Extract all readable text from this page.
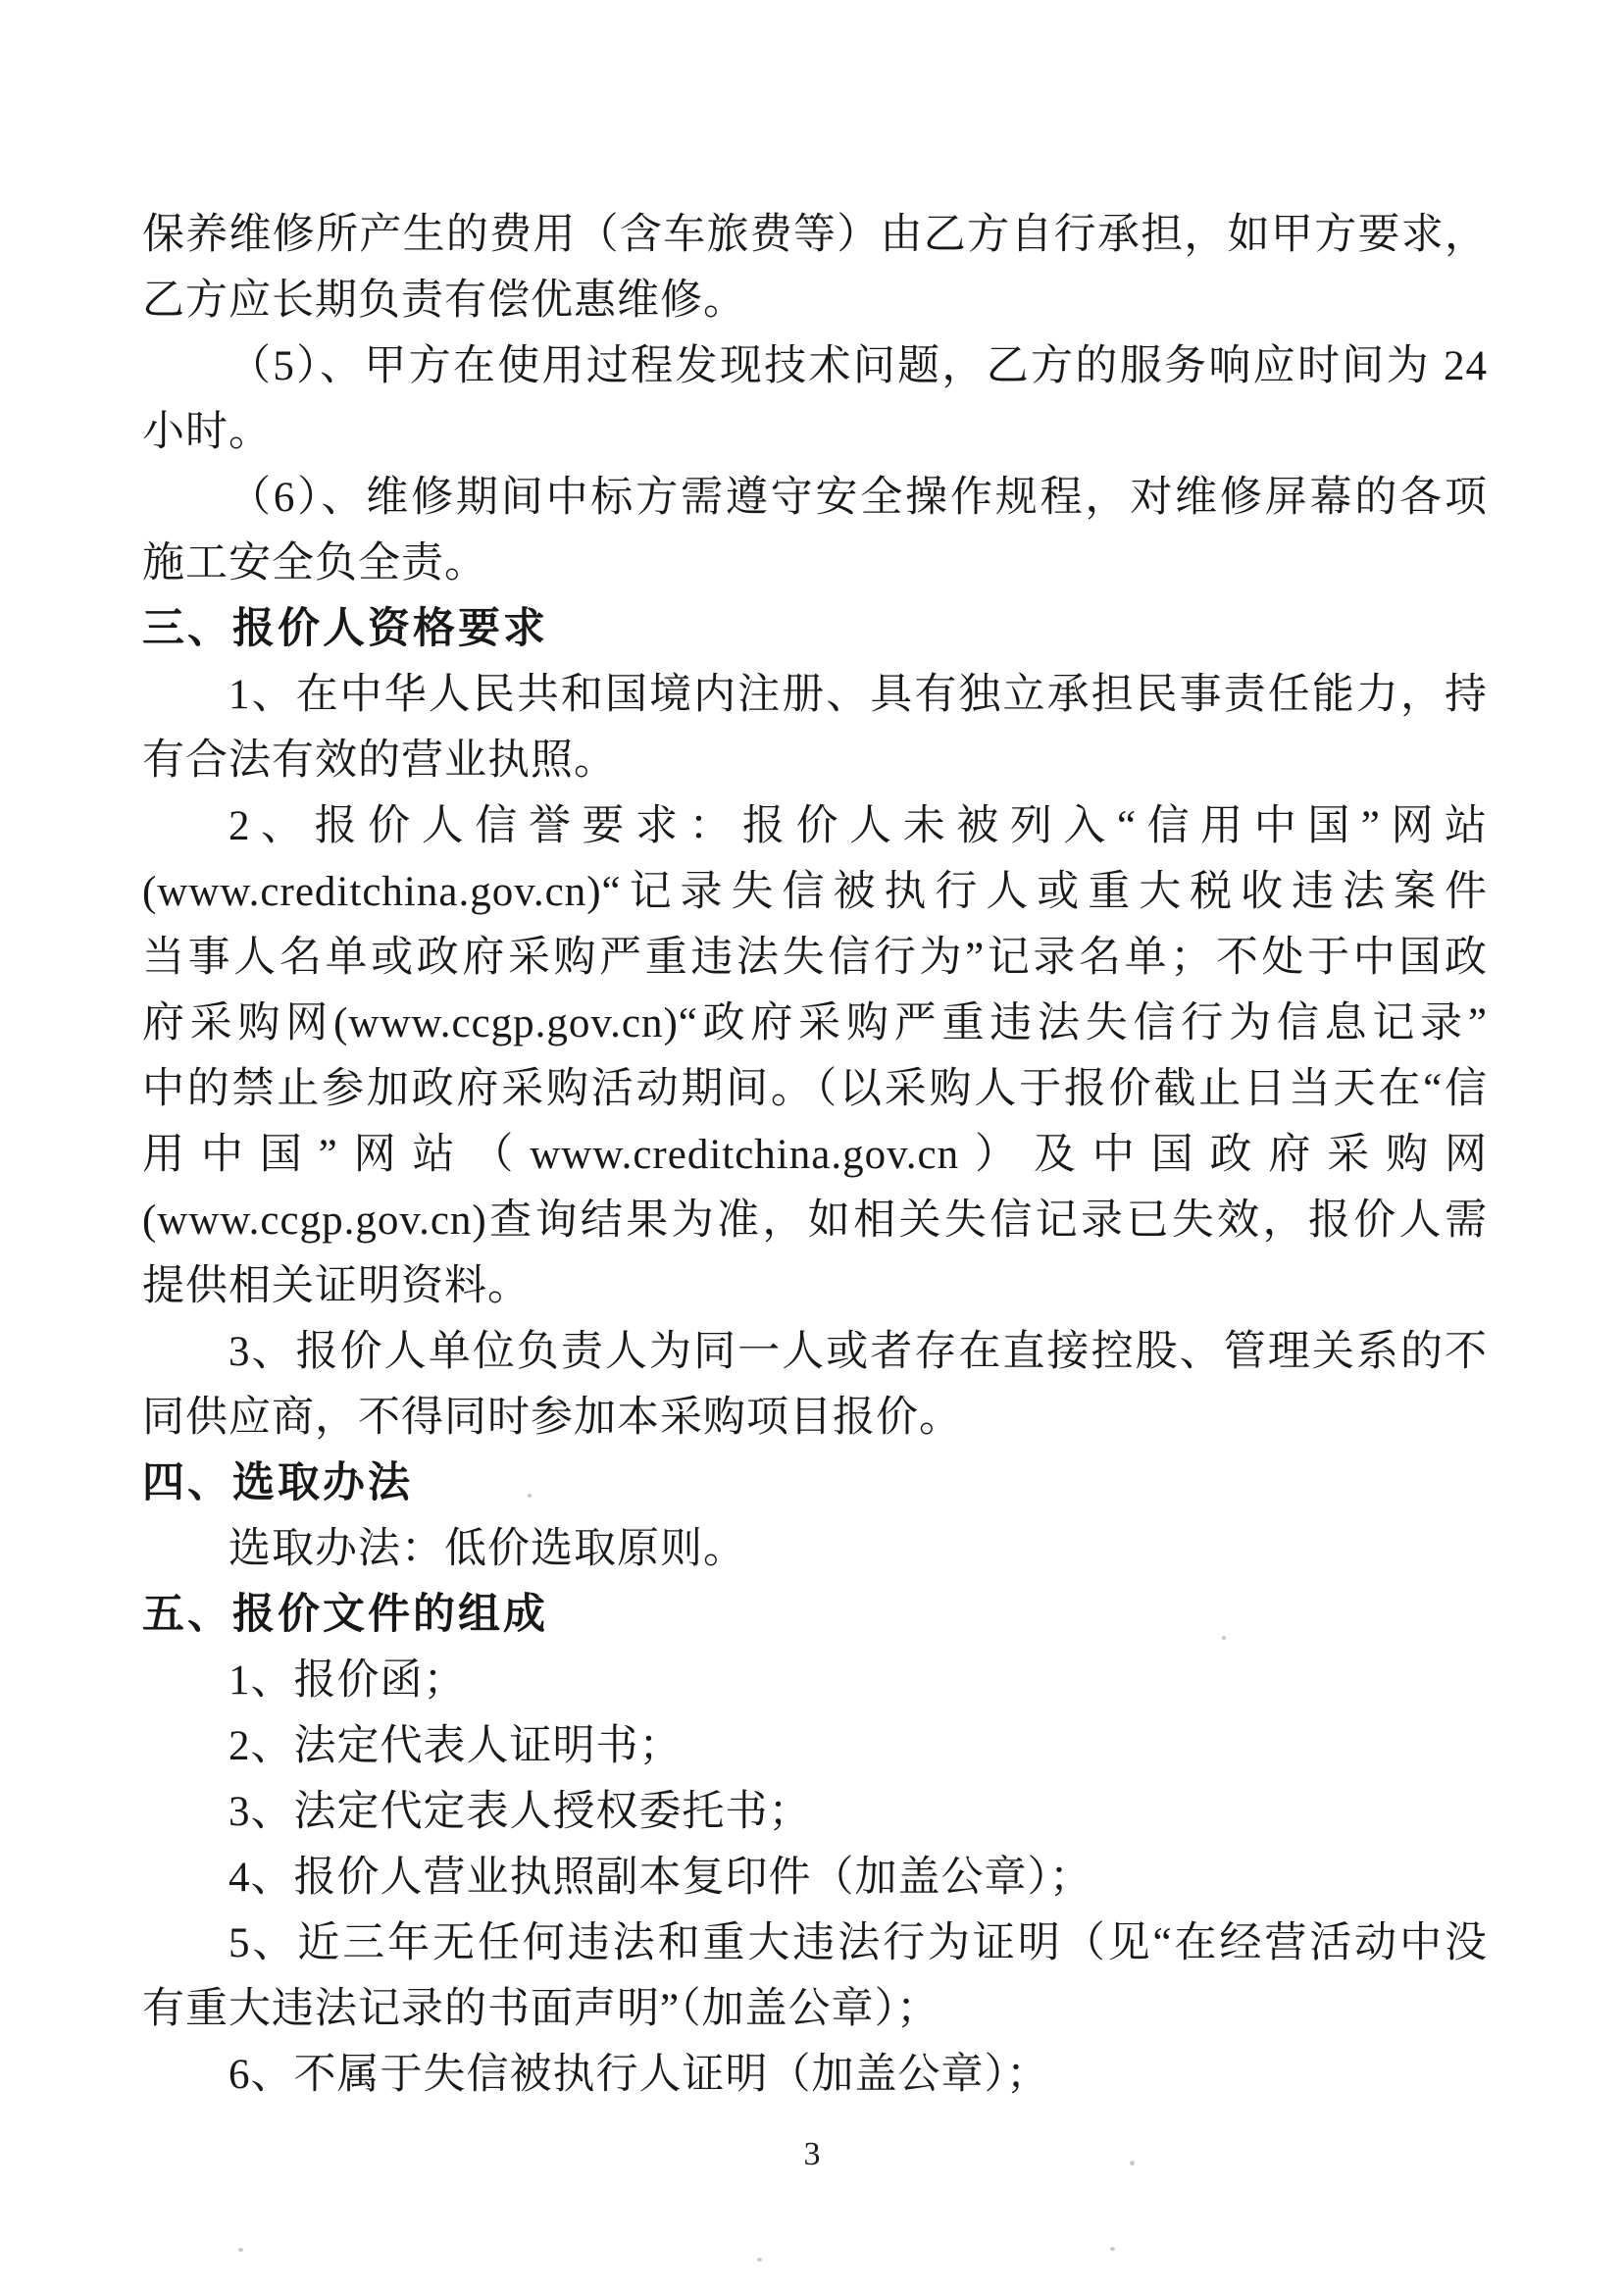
保养维修所产生的费用（含车旅费等）由乙方自行承担，如甲方要求，
乙方应长期负责有偿优惠维修。
（5）、甲方在使用过程发现技术问题，乙方的服务响应时间为 24
小时。
（6）、维修期间中标方需遵守安全操作规程，对维修屏幕的各项
施工安全负全责。
三、报价人资格要求
1、在中华人民共和国境内注册、具有独立承担民事责任能力，持
有合法有效的营业执照。
2、报价人信誉要求：报价人未被列入“信用中国”网站
(www.creditchina.gov.cn)“记录失信被执行人或重大税收违法案件
当事人名单或政府采购严重违法失信行为”记录名单；不处于中国政
府采购网(www.ccgp.gov.cn)“政府采购严重违法失信行为信息记录”
中的禁止参加政府采购活动期间。（以采购人于报价截止日当天在“信
用中国”网站（www.creditchina.gov.cn）及中国政府采购网
(www.ccgp.gov.cn)查询结果为准，如相关失信记录已失效，报价人需
提供相关证明资料。
3、报价人单位负责人为同一人或者存在直接控股、管理关系的不
同供应商，不得同时参加本采购项目报价。
四、选取办法
选取办法：低价选取原则。
五、报价文件的组成
1、报价函；
2、法定代表人证明书；
3、法定代定表人授权委托书；
4、报价人营业执照副本复印件（加盖公章）；
5、近三年无任何违法和重大违法行为证明（见“在经营活动中没
有重大违法记录的书面声明”（加盖公章）；
6、不属于失信被执行人证明（加盖公章）；
3
